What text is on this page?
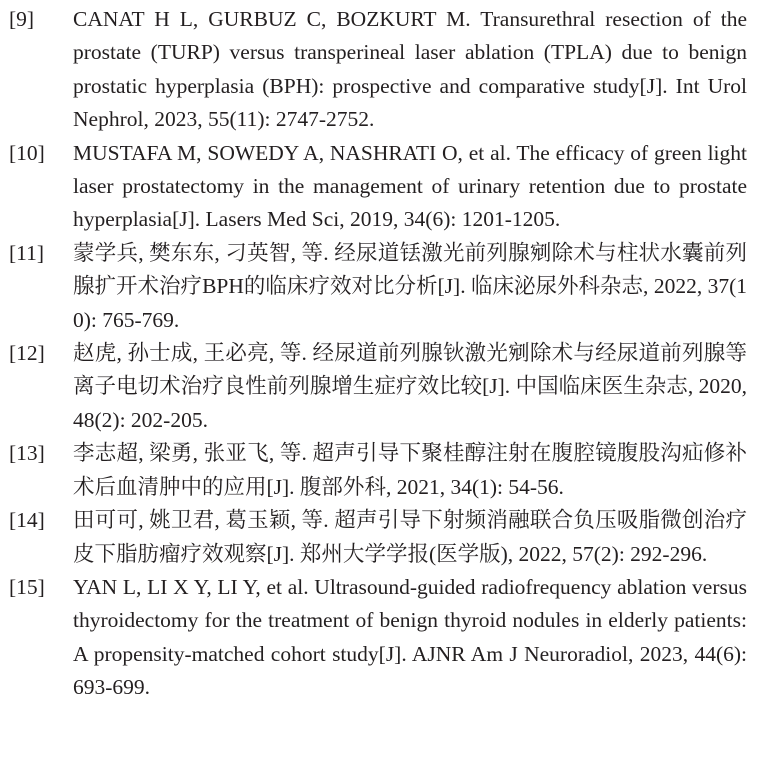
[9]	CANAT H L, GURBUZ C, BOZKURT M. Transurethral resection of the prostate (TURP) versus transperineal laser ablation (TPLA) due to benign prostatic hyperplasia (BPH): prospective and comparative study[J]. Int Urol Nephrol, 2023, 55(11): 2747-2752.
[10]	MUSTAFA M, SOWEDY A, NASHRATI O, et al. The efficacy of green light laser prostatectomy in the management of urinary retention due to prostate hyperplasia[J]. Lasers Med Sci, 2019, 34(6): 1201-1205.
[11]	蒙学兵, 樊东东, 刁英智, 等. 经尿道铥激光前列腺剜除术与柱状水囊前列腺扩开术治疗BPH的临床疗效对比分析[J]. 临床泌尿外科杂志, 2022, 37(10): 765-769.
[12]	赵虎, 孙士成, 王必亮, 等. 经尿道前列腺钬激光剜除术与经尿道前列腺等离子电切术治疗良性前列腺增生症疗效比较[J]. 中国临床医生杂志, 2020, 48(2): 202-205.
[13]	李志超, 梁勇, 张亚飞, 等. 超声引导下聚桂醇注射在腹腔镜腹股沟疝修补术后血清肿中的应用[J]. 腹部外科, 2021, 34(1): 54-56.
[14]	田可可, 姚卫君, 葛玉颖, 等. 超声引导下射频消融联合负压吸脂微创治疗皮下脂肪瘤疗效观察[J]. 郑州大学学报(医学版), 2022, 57(2): 292-296.
[15]	YAN L, LI X Y, LI Y, et al. Ultrasound-guided radiofrequency ablation versus thyroidectomy for the treatment of benign thyroid nodules in elderly patients: A propensity-matched cohort study[J]. AJNR Am J Neuroradiol, 2023, 44(6): 693-699.
